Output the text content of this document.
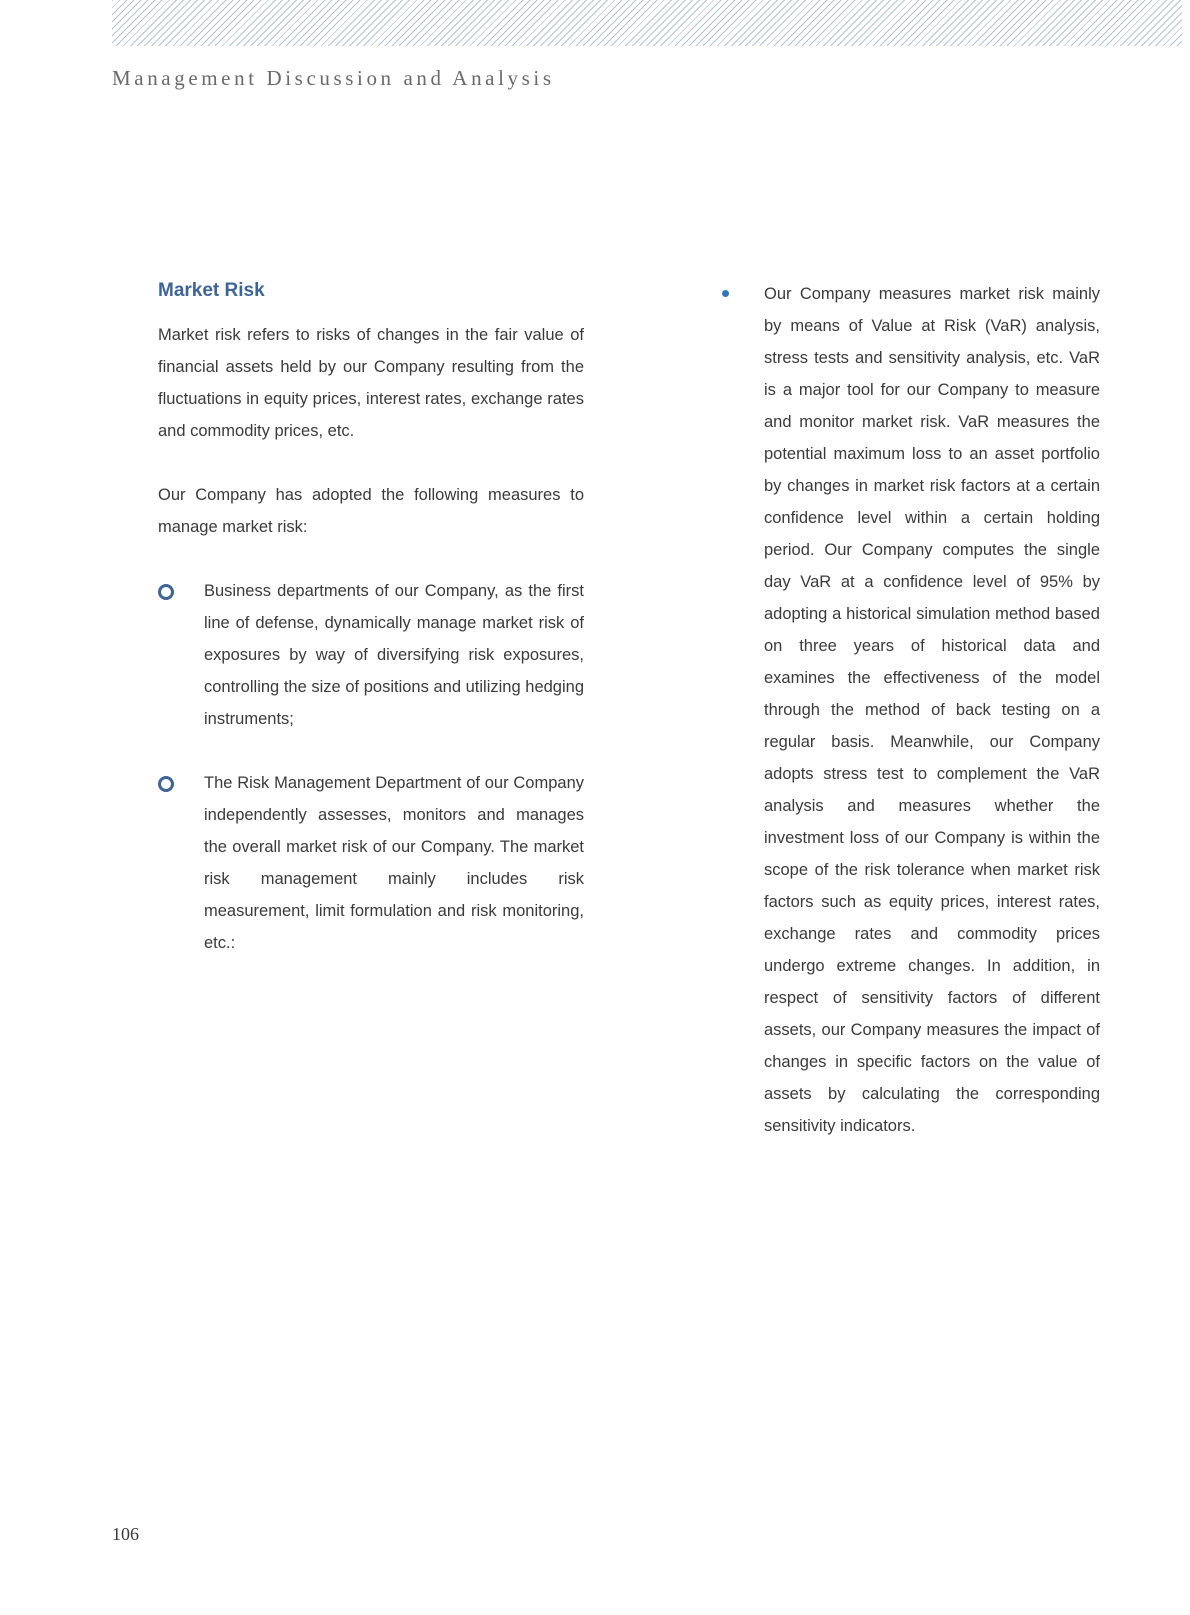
Management Discussion and Analysis
Market Risk

Market risk refers to risks of changes in the fair value of financial assets held by our Company resulting from the fluctuations in equity prices, interest rates, exchange rates and commodity prices, etc.

Our Company has adopted the following measures to manage market risk:

Business departments of our Company, as the first line of defense, dynamically manage market risk of exposures by way of diversifying risk exposures, controlling the size of positions and utilizing hedging instruments;

The Risk Management Department of our Company independently assesses, monitors and manages the overall market risk of our Company. The market risk management mainly includes risk measurement, limit formulation and risk monitoring, etc.:

Our Company measures market risk mainly by means of Value at Risk (VaR) analysis, stress tests and sensitivity analysis, etc. VaR is a major tool for our Company to measure and monitor market risk. VaR measures the potential maximum loss to an asset portfolio by changes in market risk factors at a certain confidence level within a certain holding period. Our Company computes the single day VaR at a confidence level of 95% by adopting a historical simulation method based on three years of historical data and examines the effectiveness of the model through the method of back testing on a regular basis. Meanwhile, our Company adopts stress test to complement the VaR analysis and measures whether the investment loss of our Company is within the scope of the risk tolerance when market risk factors such as equity prices, interest rates, exchange rates and commodity prices undergo extreme changes. In addition, in respect of sensitivity factors of different assets, our Company measures the impact of changes in specific factors on the value of assets by calculating the corresponding sensitivity indicators.

106
